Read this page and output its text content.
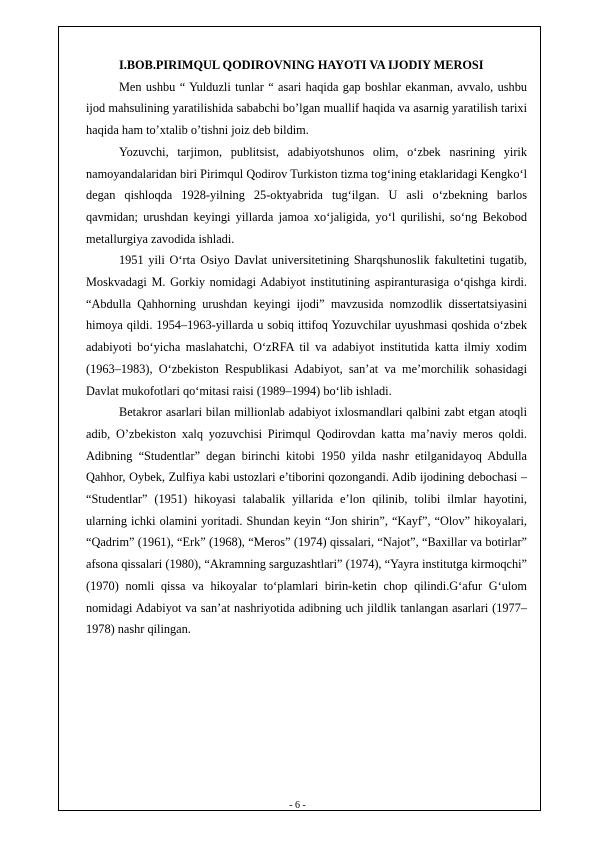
I.BOB.PIRIMQUL QODIROVNING HAYOTI VA IJODIY MEROSI

Men ushbu “ Yulduzli tunlar “ asari haqida gap boshlar ekanman, avvalo, ushbu ijod mahsulining yaratilishida sababchi bo’lgan muallif haqida va asarnig yaratilish tarixi haqida ham to’xtalib o’tishni joiz deb bildim.

Yozuvchi, tarjimon, publitsist, adabiyotshunos olim, oʻzbek nasrining yirik namoyandalaridan biri Pirimqul Qodirov Turkiston tizma togʻining etaklaridagi Kengkoʻl degan qishloqda 1928-yilning 25-oktyabrida tugʻilgan. U asli oʻzbekning barlos qavmidan; urushdan keyingi yillarda jamoa xoʻjaligida, yoʻl qurilishi, soʻng Bekobod metallurgiya zavodida ishladi.

1951 yili Oʻrta Osiyo Davlat universitetining Sharqshunoslik fakultetini tugatib, Moskvadagi M. Gorkiy nomidagi Adabiyot institutining aspiranturasiga oʻqishga kirdi. “Abdulla Qahhorning urushdan keyingi ijodi” mavzusida nomzodlik dissertatsiyasini himoya qildi. 1954–1963-yillarda u sobiq ittifoq Yozuvchilar uyushmasi qoshida oʻzbek adabiyoti boʻyicha maslahatchi, OʻzRFA til va adabiyot institutida katta ilmiy xodim (1963–1983), Oʻzbekiston Respublikasi Adabiyot, sanʼat va meʼmorchilik sohasidagi Davlat mukofotlari qoʻmitasi raisi (1989–1994) boʻlib ishladi.

Betakror asarlari bilan millionlab adabiyot ixlosmandlari qalbini zabt etgan atoqli adib, O’zbekiston xalq yozuvchisi Pirimqul Qodirovdan katta ma’naviy meros qoldi. Adibning “Studentlar” degan birinchi kitobi 1950 yilda nashr etilganidayoq Abdulla Qahhor, Oybek, Zulfiya kabi ustozlari e’tiborini qozongandi. Adib ijodining debochasi – “Studentlar” (1951) hikoyasi talabalik yillarida e’lon qilinib, tolibi ilmlar hayotini, ularning ichki olamini yoritadi. Shundan keyin “Jon shirin”, “Kayf”, “Olov” hikoyalari, “Qadrim” (1961), “Erk” (1968), “Meros” (1974) qissalari, “Najot”, “Baxillar va botirlar” afsona qissalari (1980), “Akramning sarguzashtlari” (1974), “Yayra institutga kirmoqchi” (1970) nomli qissa va hikoyalar toʻplamlari birin-ketin chop qilindi.Gʻafur Gʻulom nomidagi Adabiyot va sanʼat nashriyotida adibning uch jildlik tanlangan asarlari (1977–1978) nashr qilingan.

- 6 -
